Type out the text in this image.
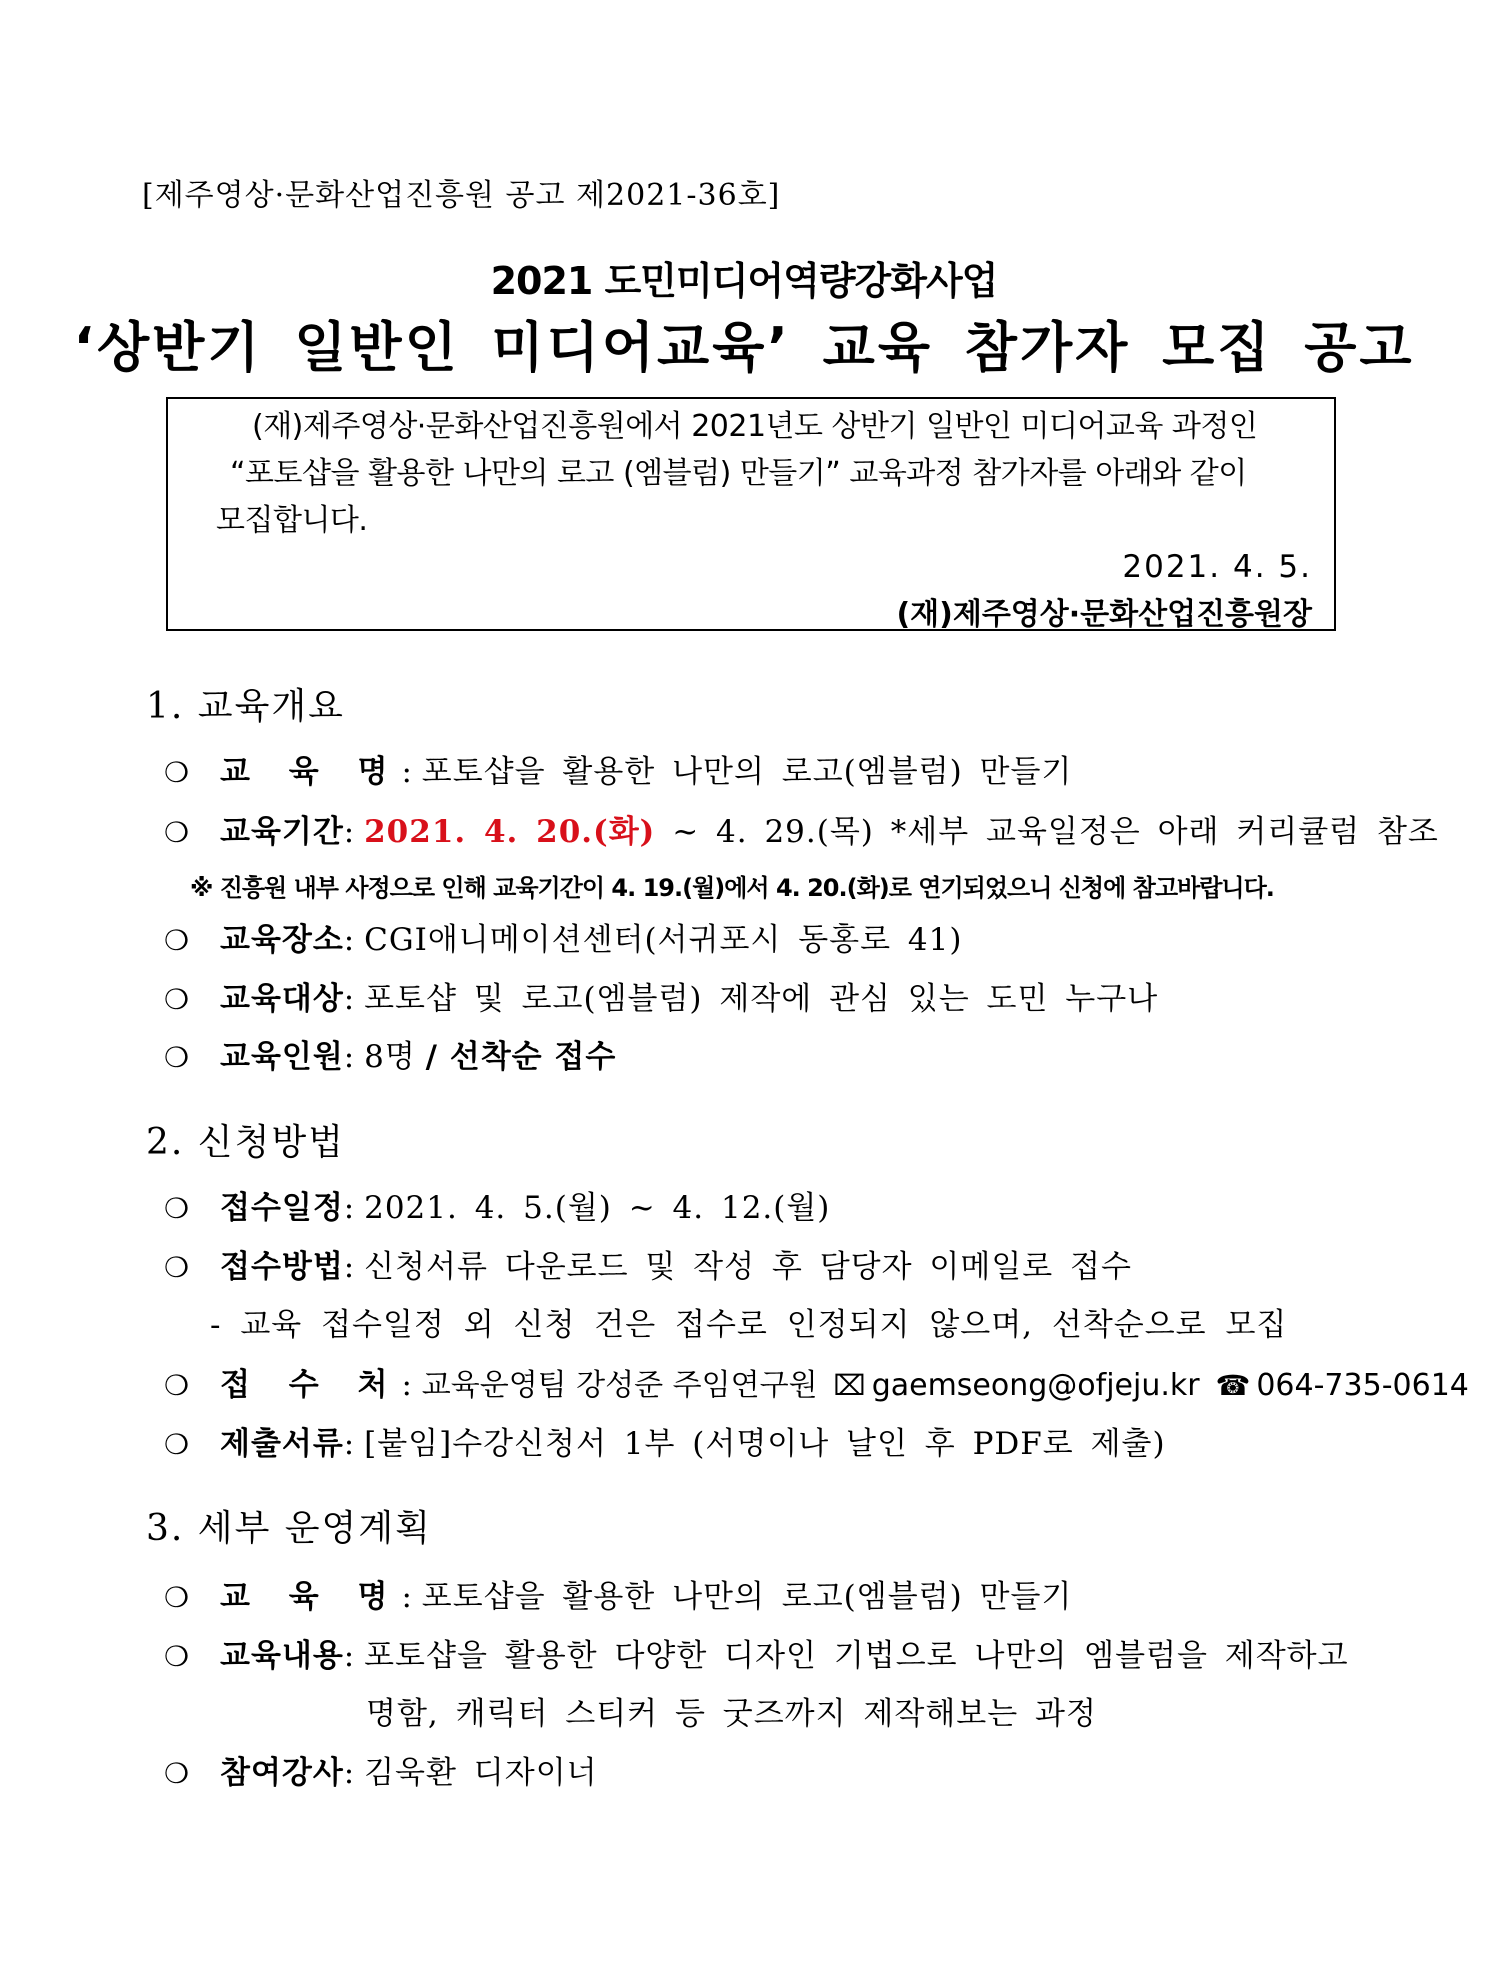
[제주영상·문화산업진흥원 공고 제2021-36호]
2021 도민미디어역량강화사업
‘상반기 일반인 미디어교육’ 교육 참가자 모집 공고
(재)제주영상·문화산업진흥원에서 2021년도 상반기 일반인 미디어교육 과정인
“포토샵을 활용한 나만의 로고 (엠블럼) 만들기” 교육과정 참가자를 아래와 같이
모집합니다.
2021. 4. 5.
(재)제주영상·문화산업진흥원장
1. 교육개요
❍ 교 육 명: 포토샵을 활용한 나만의 로고(엠블럼) 만들기
❍ 교육기간: 2021. 4. 20.(화) ~ 4. 29.(목) *세부 교육일정은 아래 커리큘럼 참조
※ 진흥원 내부 사정으로 인해 교육기간이 4. 19.(월)에서 4. 20.(화)로 연기되었으니 신청에 참고바랍니다.
❍ 교육장소: CGI애니메이션센터(서귀포시 동홍로 41)
❍ 교육대상: 포토샵 및 로고(엠블럼) 제작에 관심 있는 도민 누구나
❍ 교육인원: 8명 / 선착순 접수
2. 신청방법
❍ 접수일정: 2021. 4. 5.(월) ~ 4. 12.(월)
❍ 접수방법: 신청서류 다운로드 및 작성 후 담당자 이메일로 접수
- 교육 접수일정 외 신청 건은 접수로 인정되지 않으며, 선착순으로 모집
❍ 접 수 처: 교육운영팀 강성준 주임연구원 ⌧ gaemseong@ofjeju.kr ☎ 064-735-0614
❍ 제출서류: [붙임]수강신청서 1부 (서명이나 날인 후 PDF로 제출)
3. 세부 운영계획
❍ 교 육 명: 포토샵을 활용한 나만의 로고(엠블럼) 만들기
❍ 교육내용: 포토샵을 활용한 다양한 디자인 기법으로 나만의 엠블럼을 제작하고
명함, 캐릭터 스티커 등 굿즈까지 제작해보는 과정
❍ 참여강사: 김욱환 디자이너
